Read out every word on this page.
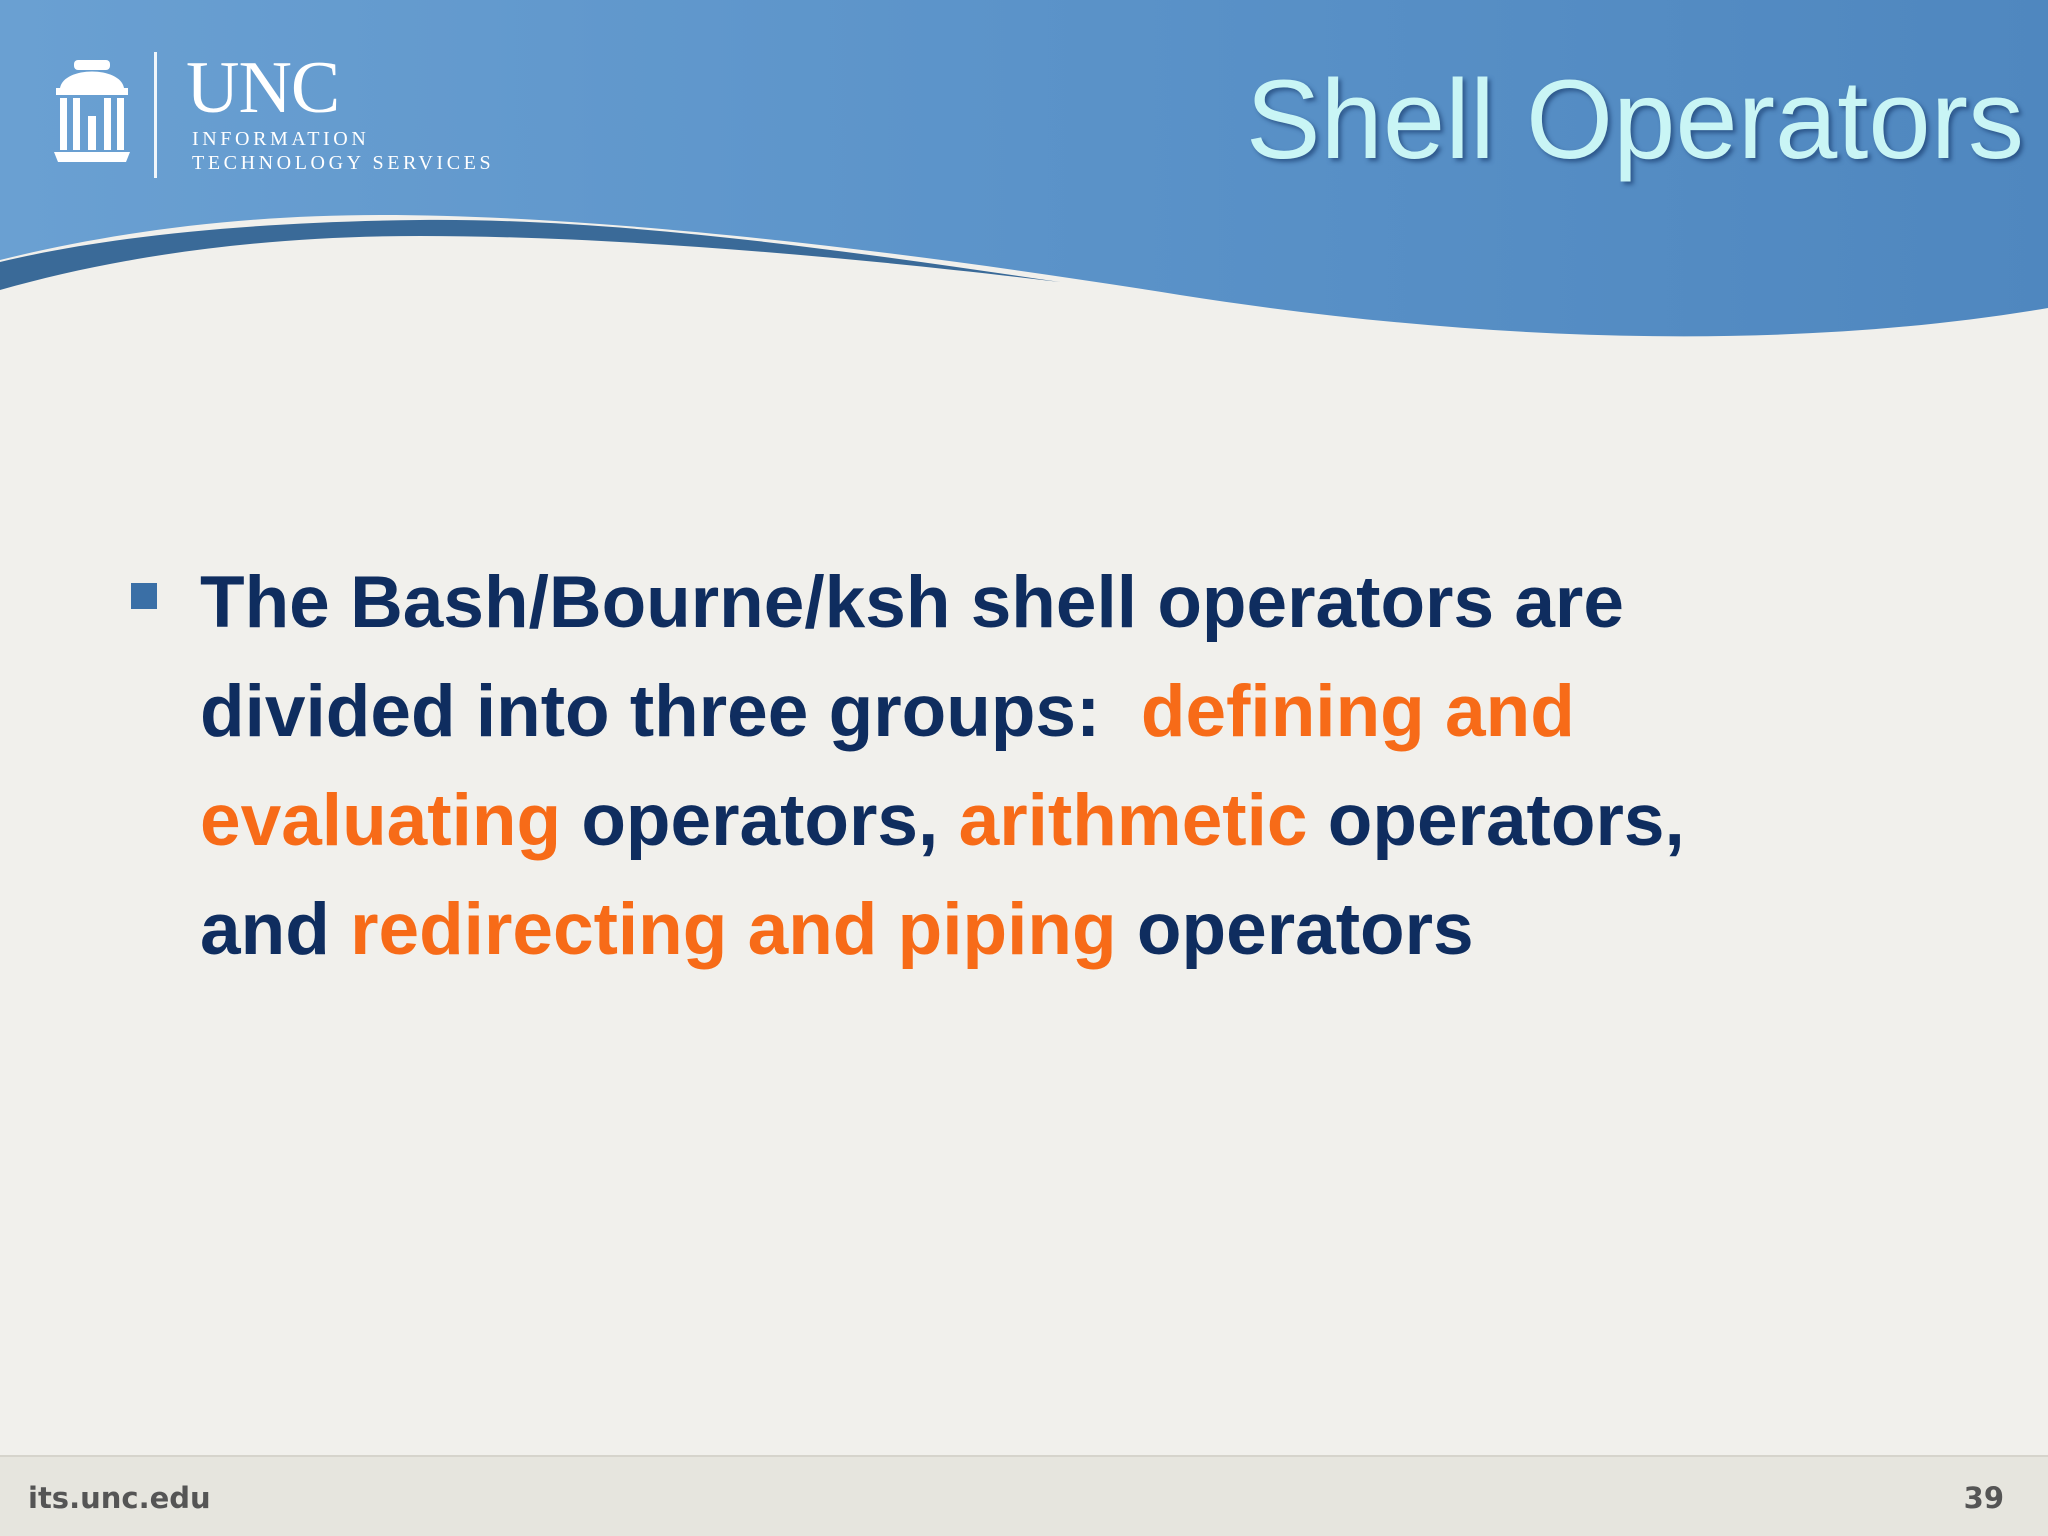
UNC
INFORMATION
TECHNOLOGY SERVICES	Shell Operators

The Bash/Bourne/ksh shell operators are
divided into three groups:  defining and
evaluating operators, arithmetic operators,
and redirecting and piping operators

its.unc.edu	39
